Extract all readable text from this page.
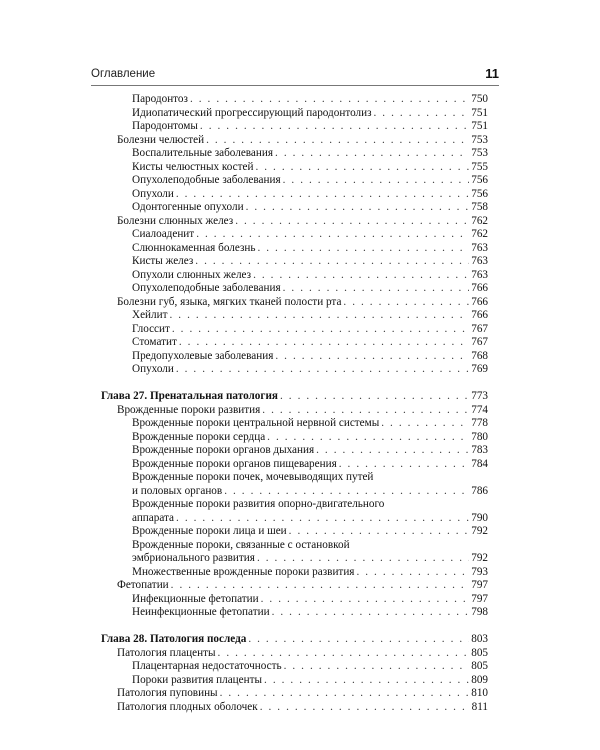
Оглавление	11
Пародонтоз . . .	750
Идиопатический прогрессирующий пародонтолиз . . .	751
Пародонтомы . . .	751
Болезни челюстей . . .	753
Воспалительные заболевания . . .	753
Кисты челюстных костей . . .	755
Опухолеподобные заболевания . . .	756
Опухоли . . .	756
Одонтогенные опухоли . . .	758
Болезни слюнных желез . . .	762
Сиалоаденит . . .	762
Слюннокаменная болезнь . . .	763
Кисты желез . . .	763
Опухоли слюнных желез . . .	763
Опухолеподобные заболевания . . .	766
Болезни губ, языка, мягких тканей полости рта . . .	766
Хейлит . . .	766
Глоссит . . .	767
Стоматит . . .	767
Предопухолевые заболевания . . .	768
Опухоли . . .	769
Глава 27. Пренатальная патология . . .	773
Врожденные пороки развития . . .	774
Врожденные пороки центральной нервной системы . . .	778
Врожденные пороки сердца . . .	780
Врожденные пороки органов дыхания . . .	783
Врожденные пороки органов пищеварения . . .	784
Врожденные пороки почек, мочевыводящих путей
и половых органов . . .	786
Врожденные пороки развития опорно-двигательного
аппарата . . .	790
Врожденные пороки лица и шеи . . .	792
Врожденные пороки, связанные с остановкой
эмбрионального развития . . .	792
Множественные врожденные пороки развития . . .	793
Фетопатии . . .	797
Инфекционные фетопатии . . .	797
Неинфекционные фетопатии . . .	798
Глава 28. Патология последа . . .	803
Патология плаценты . . .	805
Плацентарная недостаточность . . .	805
Пороки развития плаценты . . .	809
Патология пуповины . . .	810
Патология плодных оболочек . . .	811
